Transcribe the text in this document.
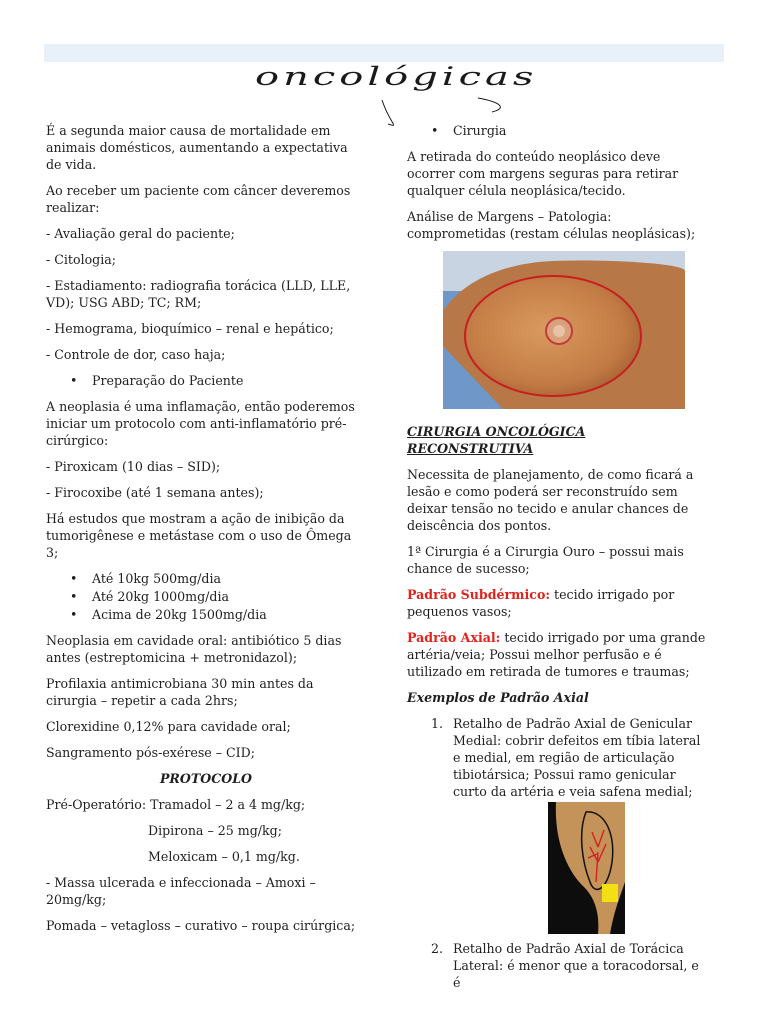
oncológicas

É a segunda maior causa de mortalidade em animais domésticos, aumentando a expectativa de vida.

Ao receber um paciente com câncer deveremos realizar:

- Avaliação geral do paciente;

- Citologia;

- Estadiamento: radiografia torácica (LLD, LLE, VD); USG ABD; TC; RM;

- Hemograma, bioquímico – renal e hepático;

- Controle de dor, caso haja;

• Preparação do Paciente

A neoplasia é uma inflamação, então poderemos iniciar um protocolo com anti-inflamatório pré-cirúrgico:

- Piroxicam (10 dias – SID);

- Firocoxibe (até 1 semana antes);

Há estudos que mostram a ação de inibição da tumorigênese e metástase com o uso de Ômega 3;

• Até 10kg 500mg/dia
• Até 20kg 1000mg/dia
• Acima de 20kg 1500mg/dia

Neoplasia em cavidade oral: antibiótico 5 dias antes (estreptomicina + metronidazol);

Profilaxia antimicrobiana 30 min antes da cirurgia – repetir a cada 2hrs;

Clorexidine 0,12% para cavidade oral;

Sangramento pós-exérese – CID;

PROTOCOLO

Pré-Operatório: Tramadol – 2 a 4 mg/kg;

Dipirona – 25 mg/kg;

Meloxicam – 0,1 mg/kg.

- Massa ulcerada e infeccionada – Amoxi – 20mg/kg;

Pomada – vetagloss – curativo – roupa cirúrgica;

• Cirurgia

A retirada do conteúdo neoplásico deve ocorrer com margens seguras para retirar qualquer célula neoplásica/tecido.

Análise de Margens – Patologia: comprometidas (restam células neoplásicas);

CIRURGIA ONCOLÓGICA RECONSTRUTIVA

Necessita de planejamento, de como ficará a lesão e como poderá ser reconstruído sem deixar tensão no tecido e anular chances de deiscência dos pontos.

1ª Cirurgia é a Cirurgia Ouro – possui mais chance de sucesso;

Padrão Subdérmico: tecido irrigado por pequenos vasos;

Padrão Axial: tecido irrigado por uma grande artéria/veia; Possui melhor perfusão e é utilizado em retirada de tumores e traumas;

Exemplos de Padrão Axial

1. Retalho de Padrão Axial de Genicular Medial: cobrir defeitos em tíbia lateral e medial, em região de articulação tibiotársica; Possui ramo genicular curto da artéria e veia safena medial;
2. Retalho de Padrão Axial de Torácica Lateral: é menor que a toracodorsal, e é
